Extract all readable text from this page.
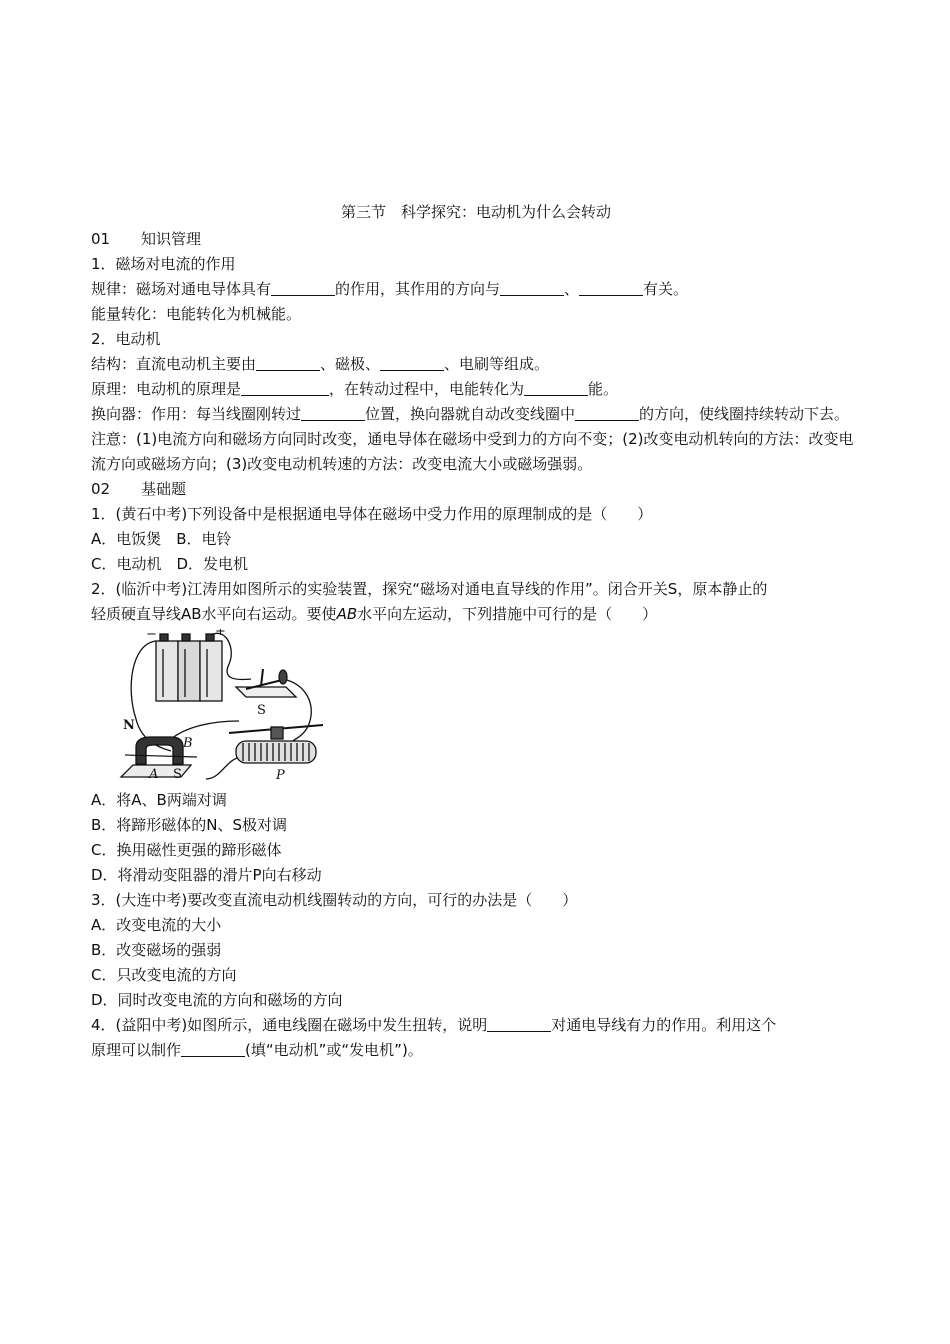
第三节　科学探究：电动机为什么会转动

01 知识管理

1．磁场对电流的作用

规律：磁场对通电导体具有	的作用，其作用的方向与	、	有关。

能量转化：电能转化为机械能。

2．电动机

结构：直流电动机主要由	、磁极、	、电刷等组成。

原理：电动机的原理是	，在转动过程中，电能转化为	能。

换向器：作用：每当线圈刚转过	位置，换向器就自动改变线圈中	的方向，使线圈持续转动下去。

注意：(1)电流方向和磁场方向同时改变，通电导体在磁场中受到力的方向不变；(2)改变电动机转向的方法：改变电流方向或磁场方向；(3)改变电动机转速的方法：改变电流大小或磁场强弱。

02 基础题

1．(黄石中考)下列设备中是根据通电导体在磁场中受力作用的原理制成的是（　　）

A．电饭煲　B．电铃

C．电动机　D．发电机

2．(临沂中考)江涛用如图所示的实验装置，探究“磁场对通电直导线的作用”。闭合开关S，原本静止的

轻质硬直导线AB水平向右运动。要使AB水平向左运动，下列措施中可行的是（　　）

−	+
S
N
B
A S	P

A．将A、B两端对调

B．将蹄形磁体的N、S极对调

C．换用磁性更强的蹄形磁体

D．将滑动变阻器的滑片P向右移动

3．(大连中考)要改变直流电动机线圈转动的方向，可行的办法是（　　）

A．改变电流的大小

B．改变磁场的强弱

C．只改变电流的方向

D．同时改变电流的方向和磁场的方向

4．(益阳中考)如图所示，通电线圈在磁场中发生扭转，说明	对通电导线有力的作用。利用这个

原理可以制作	(填“电动机”或“发电机”)。
